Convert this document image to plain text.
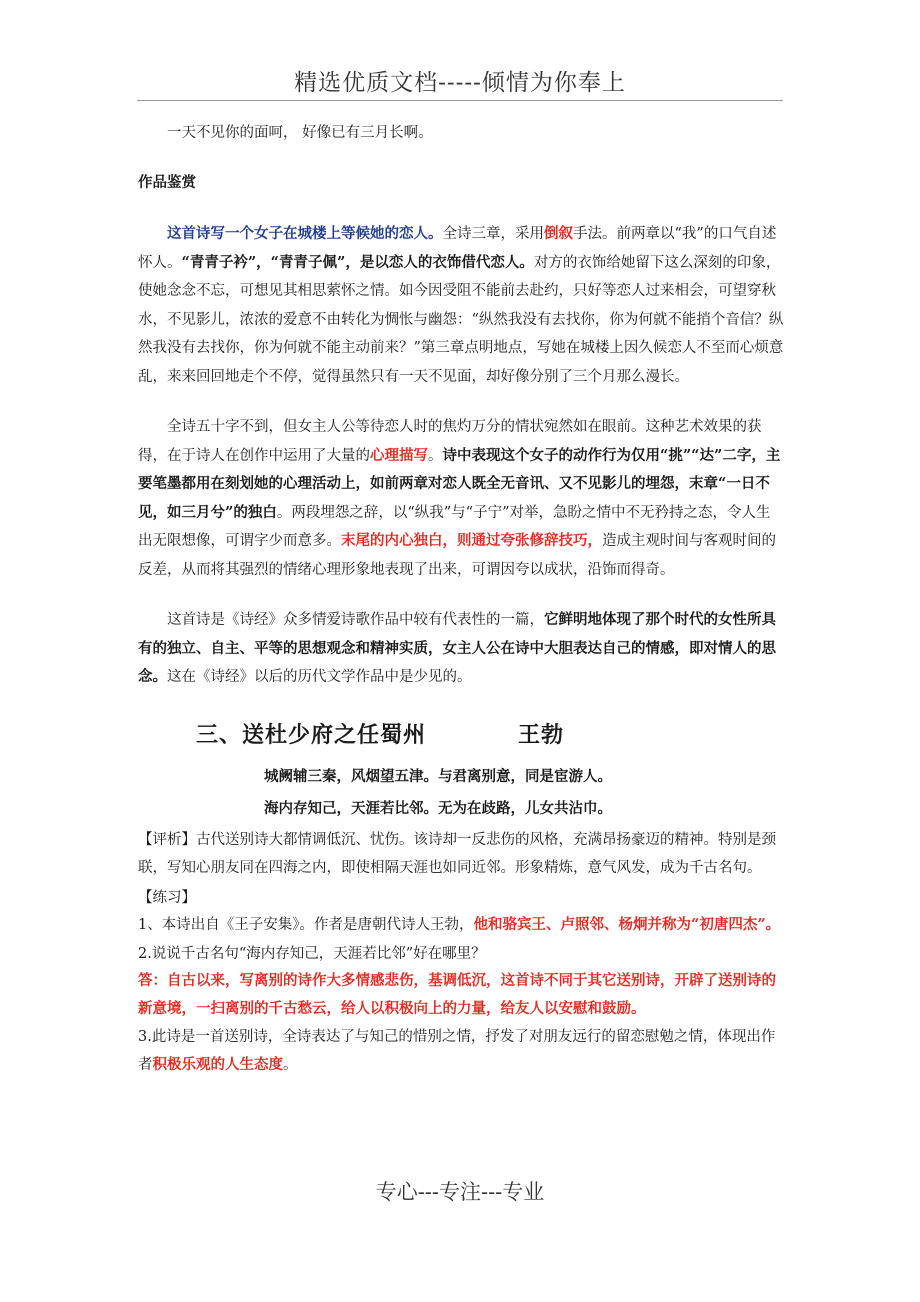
精选优质文档-----倾情为你奉上

一天不见你的面呵， 好像已有三月长啊。

作品鉴赏

这首诗写一个女子在城楼上等候她的恋人。全诗三章，采用倒叙手法。前两章以“我”的口气自述怀人。“青青子衿”，“青青子佩”，是以恋人的衣饰借代恋人。对方的衣饰给她留下这么深刻的印象，使她念念不忘，可想见其相思萦怀之情。如今因受阻不能前去赴约，只好等恋人过来相会，可望穿秋水，不见影儿，浓浓的爱意不由转化为惆怅与幽怨：“纵然我没有去找你，你为何就不能捎个音信？纵然我没有去找你，你为何就不能主动前来？”第三章点明地点，写她在城楼上因久候恋人不至而心烦意乱，来来回回地走个不停，觉得虽然只有一天不见面，却好像分别了三个月那么漫长。

全诗五十字不到，但女主人公等待恋人时的焦灼万分的情状宛然如在眼前。这种艺术效果的获得，在于诗人在创作中运用了大量的心理描写。诗中表现这个女子的动作行为仅用“挑”“达”二字，主要笔墨都用在刻划她的心理活动上，如前两章对恋人既全无音讯、又不见影儿的埋怨，末章“一日不见，如三月兮”的独白。两段埋怨之辞，以“纵我”与“子宁”对举，急盼之情中不无矜持之态，令人生出无限想像，可谓字少而意多。末尾的内心独白，则通过夸张修辞技巧，造成主观时间与客观时间的反差，从而将其强烈的情绪心理形象地表现了出来，可谓因夸以成状，沿饰而得奇。

这首诗是《诗经》众多情爱诗歌作品中较有代表性的一篇，它鲜明地体现了那个时代的女性所具有的独立、自主、平等的思想观念和精神实质，女主人公在诗中大胆表达自己的情感，即对情人的思念。这在《诗经》以后的历代文学作品中是少见的。

三、送杜少府之任蜀州	王勃

城阙辅三秦，风烟望五津。与君离别意，同是宦游人。

海内存知己，天涯若比邻。无为在歧路，儿女共沾巾。

【评析】古代送别诗大都情调低沉、忧伤。该诗却一反悲伤的风格，充满昂扬豪迈的精神。特别是颈联，写知心朋友同在四海之内，即使相隔天涯也如同近邻。形象精炼，意气风发，成为千古名句。

【练习】

1、本诗出自《王子安集》。作者是唐朝代诗人王勃，他和骆宾王、卢照邻、杨炯并称为“初唐四杰”。

2.说说千古名句“海内存知己，天涯若比邻”好在哪里？

答：自古以来，写离别的诗作大多情感悲伤，基调低沉，这首诗不同于其它送别诗，开辟了送别诗的新意境，一扫离别的千古愁云，给人以积极向上的力量，给友人以安慰和鼓励。

3.此诗是一首送别诗，全诗表达了与知己的惜别之情，抒发了对朋友远行的留恋慰勉之情，体现出作者积极乐观的人生态度。

专心---专注---专业
